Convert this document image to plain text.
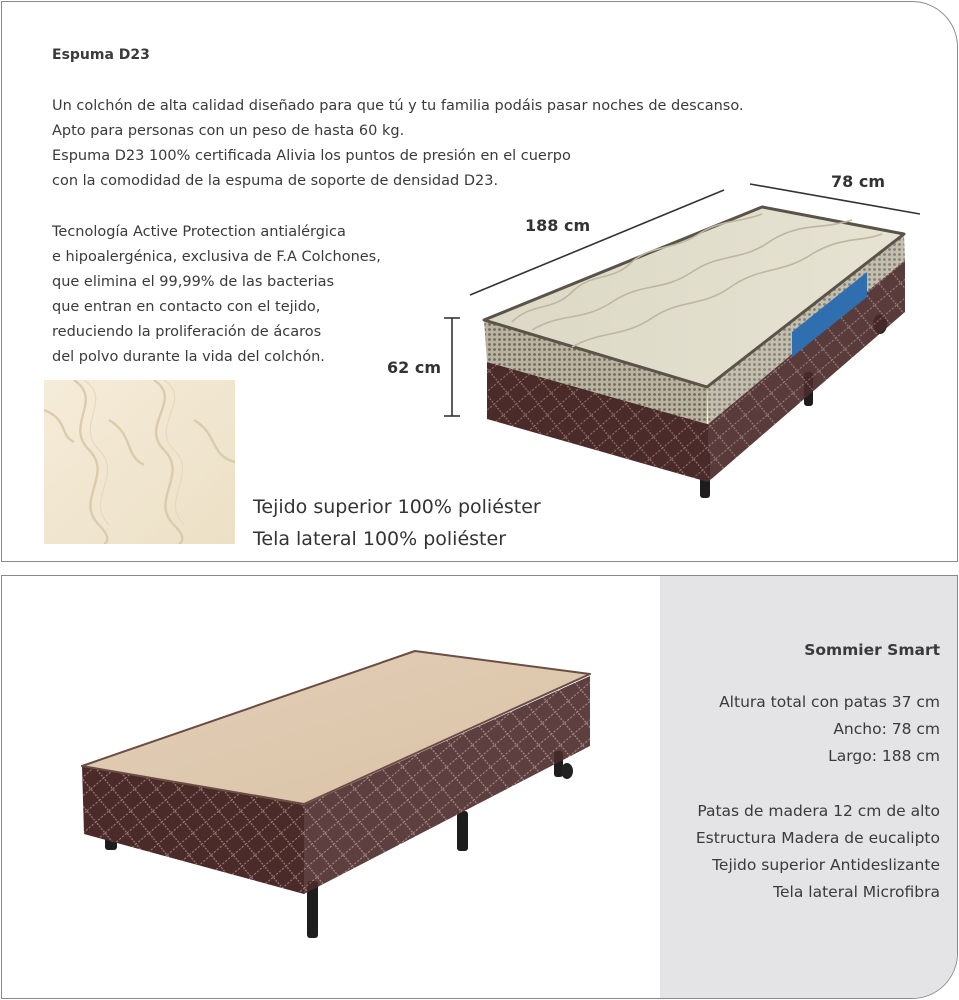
Espuma D23
Un colchón de alta calidad diseñado para que tú y tu familia podáis pasar noches de descanso.
Apto para personas con un peso de hasta 60 kg.
Espuma D23 100% certificada Alivia los puntos de presión en el cuerpo
con la comodidad de la espuma de soporte de densidad D23.
Tecnología Active Protection antialérgica
e hipoalergénica, exclusiva de F.A Colchones,
que elimina el 99,99% de las bacterias
que entran en contacto con el tejido,
reduciendo la proliferación de ácaros
del polvo durante la vida del colchón.
Tejido superior 100% poliéster
Tela lateral 100% poliéster
188 cm
78 cm
62 cm
Sommier Smart
Altura total con patas 37 cm
Ancho: 78 cm
Largo: 188 cm
Patas de madera 12 cm de alto
Estructura Madera de eucalipto
Tejido superior Antideslizante
Tela lateral Microfibra
